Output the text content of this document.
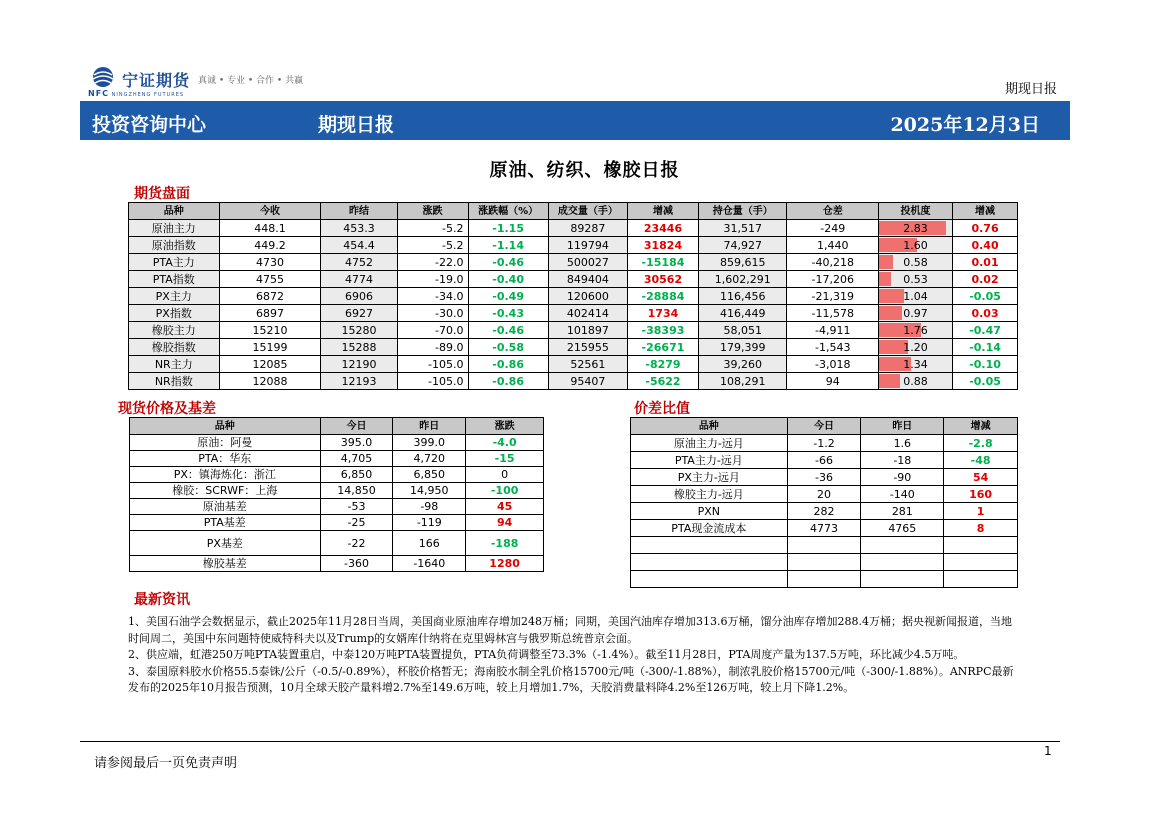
NFC NINGZHENG FUTURES
宁证期货 真诚 • 专业 • 合作 • 共赢
期现日报
投资咨询中心	期现日报	2025年12月3日
原油、纺织、橡胶日报
期货盘面
品种	今收	昨结	涨跌	涨跌幅（%）	成交量（手）	增减	持仓量（手）	仓差	投机度	增减
原油主力	448.1	453.3	-5.2	-1.15	89287	23446	31,517	-249	2.83	0.76
原油指数	449.2	454.4	-5.2	-1.14	119794	31824	74,927	1,440	1.60	0.40
PTA主力	4730	4752	-22.0	-0.46	500027	-15184	859,615	-40,218	0.58	0.01
PTA指数	4755	4774	-19.0	-0.40	849404	30562	1,602,291	-17,206	0.53	0.02
PX主力	6872	6906	-34.0	-0.49	120600	-28884	116,456	-21,319	1.04	-0.05
PX指数	6897	6927	-30.0	-0.43	402414	1734	416,449	-11,578	0.97	0.03
橡胶主力	15210	15280	-70.0	-0.46	101897	-38393	58,051	-4,911	1.76	-0.47
橡胶指数	15199	15288	-89.0	-0.58	215955	-26671	179,399	-1,543	1.20	-0.14
NR主力	12085	12190	-105.0	-0.86	52561	-8279	39,260	-3,018	1.34	-0.10
NR指数	12088	12193	-105.0	-0.86	95407	-5622	108,291	94	0.88	-0.05
现货价格及基差
品种	今日	昨日	涨跌
原油：阿曼	395.0	399.0	-4.0
PTA：华东	4,705	4,720	-15
PX：镇海炼化：浙江	6,850	6,850	0
橡胶：SCRWF：上海	14,850	14,950	-100
原油基差	-53	-98	45
PTA基差	-25	-119	94
PX基差	-22	166	-188
橡胶基差	-360	-1640	1280
价差比值
品种	今日	昨日	增减
原油主力-远月	-1.2	1.6	-2.8
PTA主力-远月	-66	-18	-48
PX主力-远月	-36	-90	54
橡胶主力-远月	20	-140	160
PXN	282	281	1
PTA现金流成本	4773	4765	8

最新资讯

1、美国石油学会数据显示，截止2025年11月28日当周，美国商业原油库存增加248万桶；同期，美国汽油库存增加313.6万桶，馏分油库存增加288.4万桶；据央视新闻报道，当地时间周二，美国中东问题特使威特科夫以及Trump的女婿库什纳将在克里姆林宫与俄罗斯总统普京会面。

2、供应端，虹港250万吨PTA装置重启，中泰120万吨PTA装置提负，PTA负荷调整至73.3%（-1.4%）。截至11月28日，PTA周度产量为137.5万吨，环比减少4.5万吨。

3、泰国原料胶水价格55.5泰铢/公斤（-0.5/-0.89%），杯胶价格暂无；海南胶水制全乳价格15700元/吨（-300/-1.88%），制浓乳胶价格15700元/吨（-300/-1.88%）。ANRPC最新发布的2025年10月报告预测，10月全球天胶产量料增2.7%至149.6万吨，较上月增加1.7%，天胶消费量料降4.2%至126万吨，较上月下降1.2%。

请参阅最后一页免责声明
1
